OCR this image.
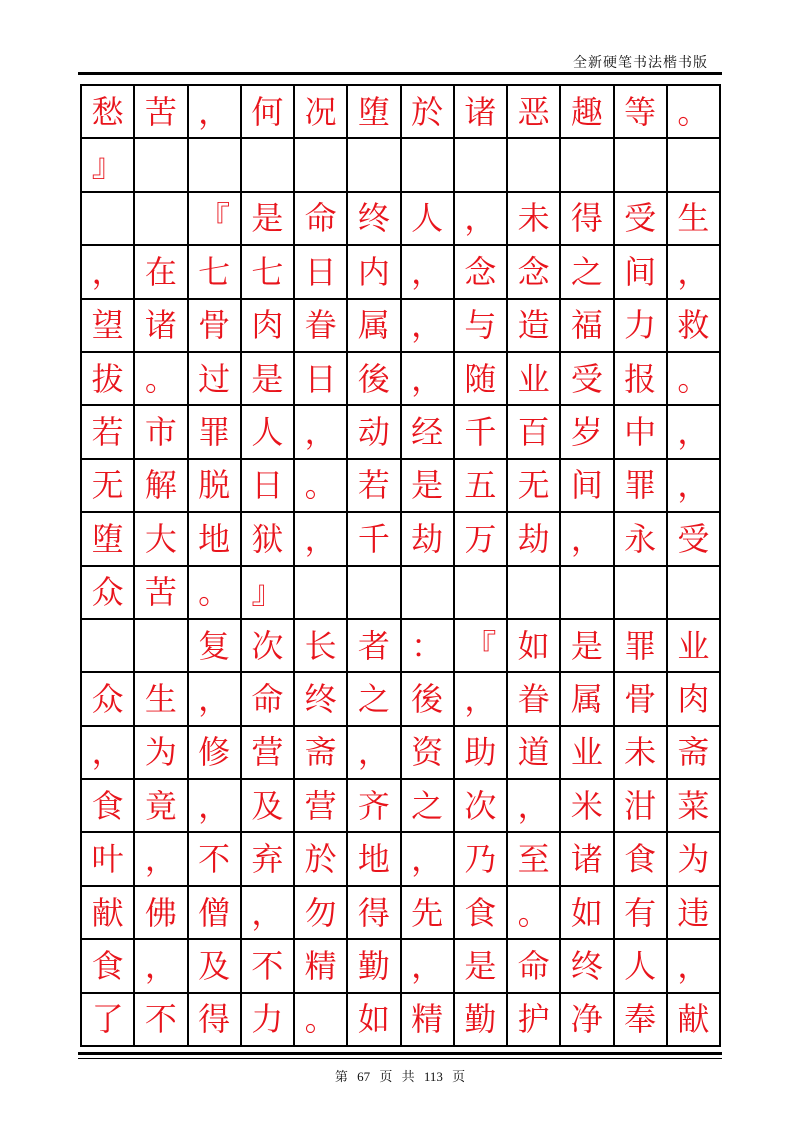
全新硬笔书法楷书版
愁 苦 ， 何 况 堕 於 诸 恶 趣 等 。
』
『 是 命 终 人 ， 未 得 受 生
， 在 七 七 日 内 ， 念 念 之 间 ，
望 诸 骨 肉 眷 属 ， 与 造 福 力 救
拔 。 过 是 日 後 ， 随 业 受 报 。
若 市 罪 人 ， 动 经 千 百 岁 中 ，
无 解 脱 日 。 若 是 五 无 间 罪 ，
堕 大 地 狱 ， 千 劫 万 劫 ， 永 受
众 苦 。 』
复 次 长 者 ： 『 如 是 罪 业
众 生 ， 命 终 之 後 ， 眷 属 骨 肉
， 为 修 营 斋 ， 资 助 道 业 未 斋
食 竟 ， 及 营 齐 之 次 ， 米 泔 菜
叶 ， 不 弃 於 地 ， 乃 至 诸 食 为
献 佛 僧 ， 勿 得 先 食 。 如 有 违
食 ， 及 不 精 勤 ， 是 命 终 人 ，
了 不 得 力 。 如 精 勤 护 净 奉 献
第 67 页 共 113 页
